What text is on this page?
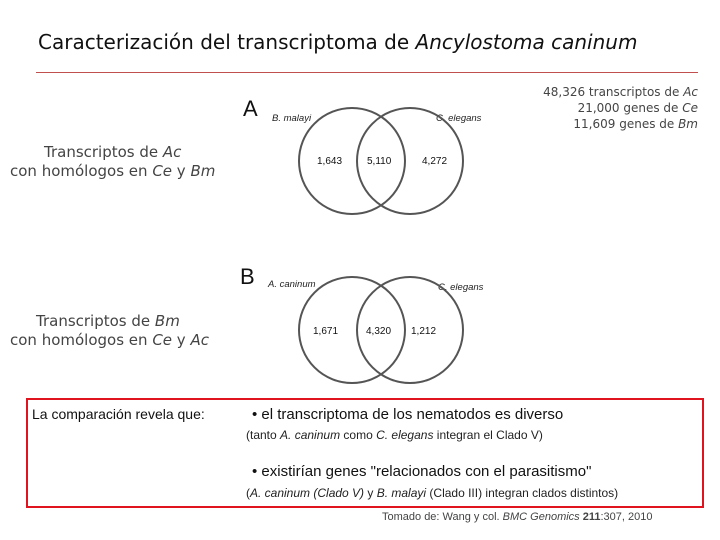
Caracterización del transcriptoma de Ancylostoma caninum
48,326 transcriptos de Ac
21,000 genes de Ce
11,609 genes de Bm
Transcriptos de Ac
con homólogos en Ce y Bm
Transcriptos de Bm
con homólogos en Ce y Ac
A B. malayi	C. elegans
1,643 5,110	4,272
B A. caninum	C. elegans
1,671	4,320 1,212
La comparación revela que:	• el transcriptoma de los nematodos es diverso
(tanto A. caninum como C. elegans integran el Clado V)
• existirían genes "relacionados con el parasitismo"
(A. caninum (Clado V) y B. malayi (Clado III) integran clados distintos)
Tomado de: Wang y col. BMC Genomics 211:307, 2010
